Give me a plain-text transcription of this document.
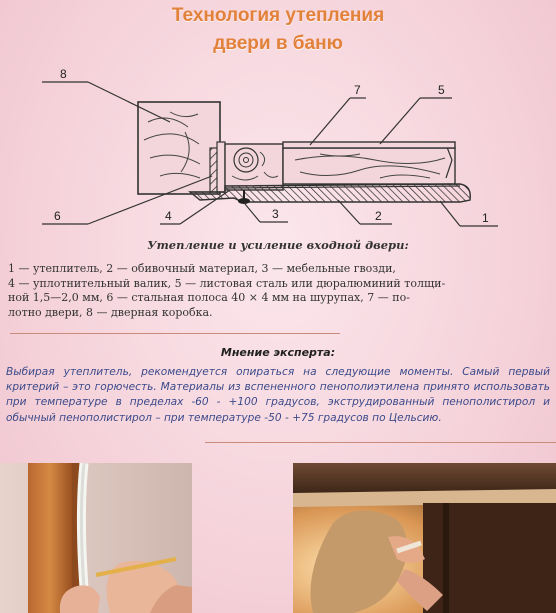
Технология утепления
двери в баню
8
7	5
6	4	3	2	1
Утепление и усиление входной двери:
1 — утеплитель, 2 — обивочный материал, 3 — мебельные гвозди,
4 — уплотнительный валик, 5 — листовая сталь или дюралюминий толщи-
ной 1,5—2,0 мм, 6 — стальная полоса 40 × 4 мм на шурупах, 7 — по-
лотно двери, 8 — дверная коробка.
Мнение эксперта:
Выбирая утеплитель, рекомендуется опираться на следующие моменты. Самый первый критерий – это горючесть. Материалы из вспененного пенополиэтилена принято использовать при температуре в пределах -60 - +100 градусов, экструдированный пенополистирол и обычный пенополистирол – при температуре -50 - +75 градусов по Цельсию.
